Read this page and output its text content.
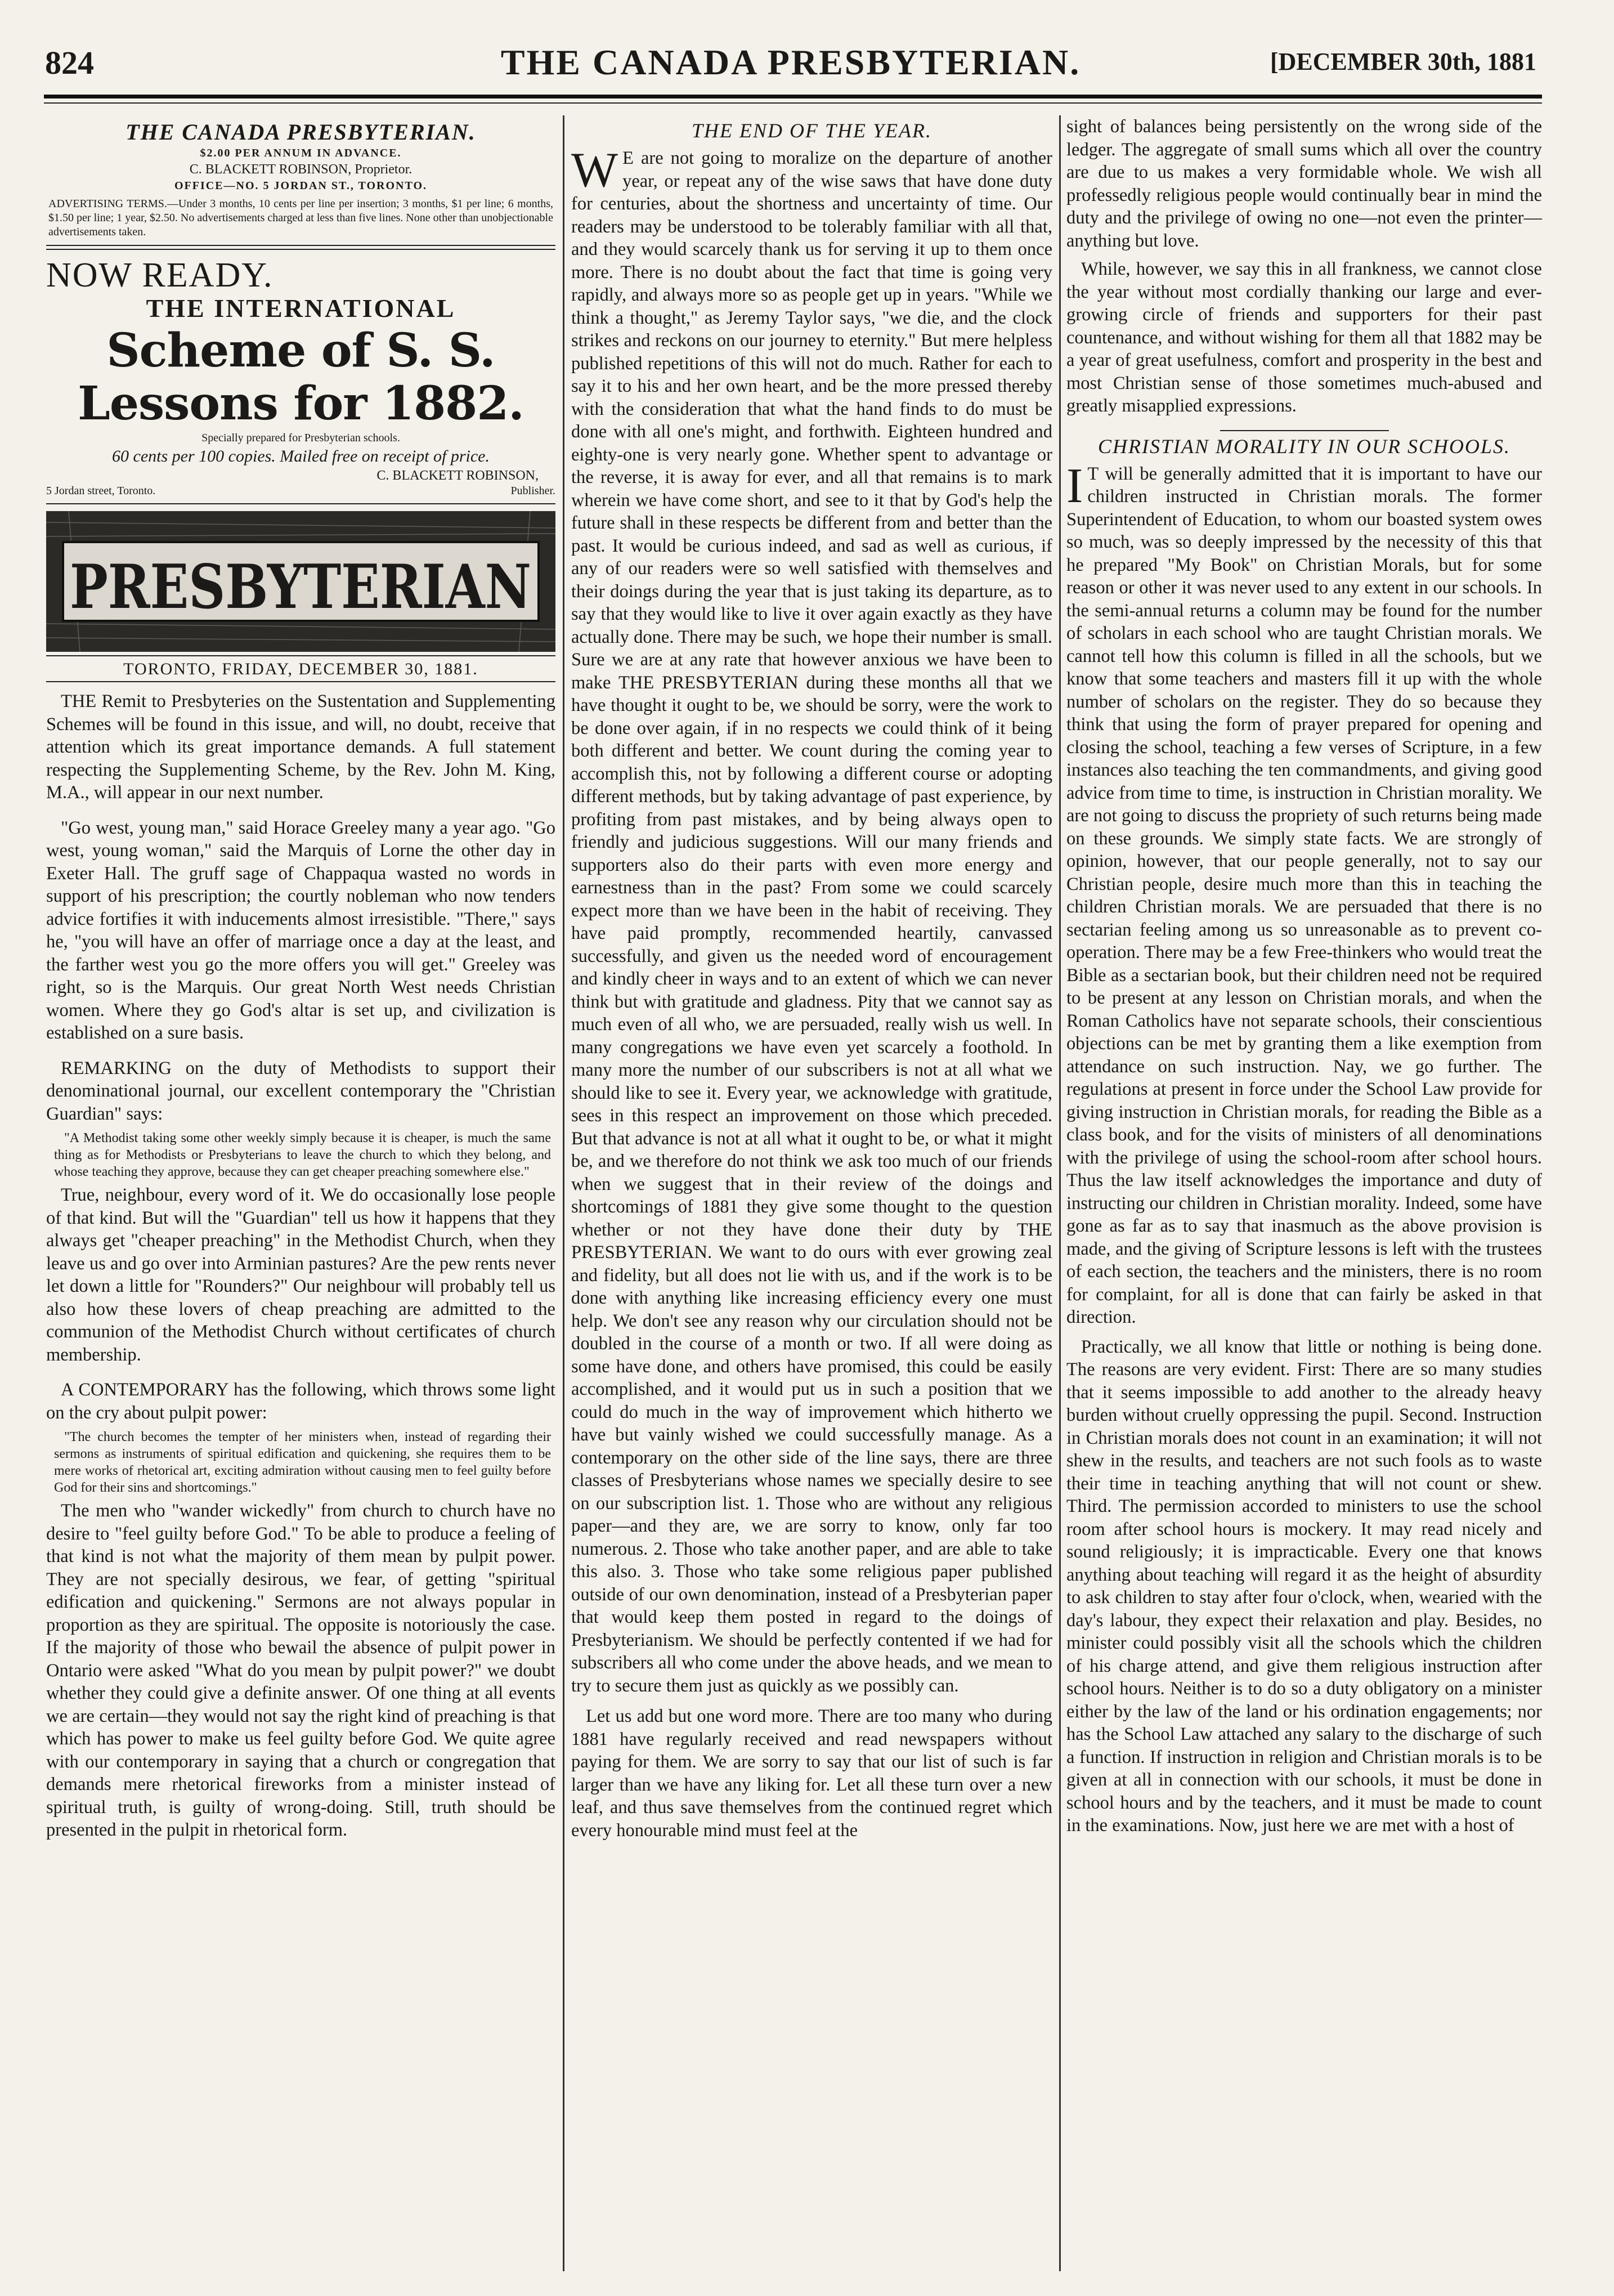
824	THE CANADA PRESBYTERIAN.	[DECEMBER 30th, 1881
THE CANADA PRESBYTERIAN.
$2.00 PER ANNUM IN ADVANCE.
C. BLACKETT ROBINSON, Proprietor.
OFFICE—NO. 5 JORDAN ST., TORONTO.
ADVERTISING TERMS.—Under 3 months, 10 cents per line per insertion; 3 months, $1 per line; 6 months, $1.50 per line; 1 year, $2.50. No advertisements charged at less than five lines. None other than unobjectionable advertisements taken.
NOW READY.
THE INTERNATIONAL
Scheme of S. S. Lessons for 1882.
Specially prepared for Presbyterian schools.
60 cents per 100 copies. Mailed free on receipt of price.
C. BLACKETT ROBINSON,
5 Jordan street, Toronto.	Publisher.
PRESBYTERIAN
TORONTO, FRIDAY, DECEMBER 30, 1881.

THE Remit to Presbyteries on the Sustentation and Supplementing Schemes will be found in this issue, and will, no doubt, receive that attention which its great importance demands. A full statement respecting the Supplementing Scheme, by the Rev. John M. King, M.A., will appear in our next number.

"Go west, young man," said Horace Greeley many a year ago. "Go west, young woman," said the Marquis of Lorne the other day in Exeter Hall. The gruff sage of Chappaqua wasted no words in support of his prescription; the courtly nobleman who now tenders advice fortifies it with inducements almost irresistible. "There," says he, "you will have an offer of marriage once a day at the least, and the farther west you go the more offers you will get." Greeley was right, so is the Marquis. Our great North West needs Christian women. Where they go God's altar is set up, and civilization is established on a sure basis.

REMARKING on the duty of Methodists to support their denominational journal, our excellent contemporary the "Christian Guardian" says:

"A Methodist taking some other weekly simply because it is cheaper, is much the same thing as for Methodists or Presbyterians to leave the church to which they belong, and whose teaching they approve, because they can get cheaper preaching somewhere else."

True, neighbour, every word of it. We do occasionally lose people of that kind. But will the "Guardian" tell us how it happens that they always get "cheaper preaching" in the Methodist Church, when they leave us and go over into Arminian pastures? Are the pew rents never let down a little for "Rounders?" Our neighbour will probably tell us also how these lovers of cheap preaching are admitted to the communion of the Methodist Church without certificates of church membership.

A CONTEMPORARY has the following, which throws some light on the cry about pulpit power:

"The church becomes the tempter of her ministers when, instead of regarding their sermons as instruments of spiritual edification and quickening, she requires them to be mere works of rhetorical art, exciting admiration without causing men to feel guilty before God for their sins and shortcomings."

The men who "wander wickedly" from church to church have no desire to "feel guilty before God." To be able to produce a feeling of that kind is not what the majority of them mean by pulpit power. They are not specially desirous, we fear, of getting "spiritual edification and quickening." Sermons are not always popular in proportion as they are spiritual. The opposite is notoriously the case. If the majority of those who bewail the absence of pulpit power in Ontario were asked "What do you mean by pulpit power?" we doubt whether they could give a definite answer. Of one thing at all events we are certain—they would not say the right kind of preaching is that which has power to make us feel guilty before God. We quite agree with our contemporary in saying that a church or congregation that demands mere rhetorical fireworks from a minister instead of spiritual truth, is guilty of wrong-doing. Still, truth should be presented in the pulpit in rhetorical form.

THE END OF THE YEAR.

W E are not going to moralize on the departure of another year, or repeat any of the wise saws that have done duty for centuries, about the shortness and uncertainty of time. Our readers may be understood to be tolerably familiar with all that, and they would scarcely thank us for serving it up to them once more. There is no doubt about the fact that time is going very rapidly, and always more so as people get up in years. "While we think a thought," as Jeremy Taylor says, "we die, and the clock strikes and reckons on our journey to eternity." But mere helpless published repetitions of this will not do much. Rather for each to say it to his and her own heart, and be the more pressed thereby with the consideration that what the hand finds to do must be done with all one's might, and forthwith. Eighteen hundred and eighty-one is very nearly gone. Whether spent to advantage or the reverse, it is away for ever, and all that remains is to mark wherein we have come short, and see to it that by God's help the future shall in these respects be different from and better than the past. It would be curious indeed, and sad as well as curious, if any of our readers were so well satisfied with themselves and their doings during the year that is just taking its departure, as to say that they would like to live it over again exactly as they have actually done. There may be such, we hope their number is small. Sure we are at any rate that however anxious we have been to make THE PRESBYTERIAN during these months all that we have thought it ought to be, we should be sorry, were the work to be done over again, if in no respects we could think of it being both different and better. We count during the coming year to accomplish this, not by following a different course or adopting different methods, but by taking advantage of past experience, by profiting from past mistakes, and by being always open to friendly and judicious suggestions. Will our many friends and supporters also do their parts with even more energy and earnestness than in the past? From some we could scarcely expect more than we have been in the habit of receiving. They have paid promptly, recommended heartily, canvassed successfully, and given us the needed word of encouragement and kindly cheer in ways and to an extent of which we can never think but with gratitude and gladness. Pity that we cannot say as much even of all who, we are persuaded, really wish us well. In many congregations we have even yet scarcely a foothold. In many more the number of our subscribers is not at all what we should like to see it. Every year, we acknowledge with gratitude, sees in this respect an improvement on those which preceded. But that advance is not at all what it ought to be, or what it might be, and we therefore do not think we ask too much of our friends when we suggest that in their review of the doings and shortcomings of 1881 they give some thought to the question whether or not they have done their duty by THE PRESBYTERIAN. We want to do ours with ever growing zeal and fidelity, but all does not lie with us, and if the work is to be done with anything like increasing efficiency every one must help. We don't see any reason why our circulation should not be doubled in the course of a month or two. If all were doing as some have done, and others have promised, this could be easily accomplished, and it would put us in such a position that we could do much in the way of improvement which hitherto we have but vainly wished we could successfully manage. As a contemporary on the other side of the line says, there are three classes of Presbyterians whose names we specially desire to see on our subscription list. 1. Those who are without any religious paper—and they are, we are sorry to know, only far too numerous. 2. Those who take another paper, and are able to take this also. 3. Those who take some religious paper published outside of our own denomination, instead of a Presbyterian paper that would keep them posted in regard to the doings of Presbyterianism. We should be perfectly contented if we had for subscribers all who come under the above heads, and we mean to try to secure them just as quickly as we possibly can.

Let us add but one word more. There are too many who during 1881 have regularly received and read newspapers without paying for them. We are sorry to say that our list of such is far larger than we have any liking for. Let all these turn over a new leaf, and thus save themselves from the continued regret which every honourable mind must feel at the

sight of balances being persistently on the wrong side of the ledger. The aggregate of small sums which all over the country are due to us makes a very formidable whole. We wish all professedly religious people would continually bear in mind the duty and the privilege of owing no one—not even the printer—anything but love.

While, however, we say this in all frankness, we cannot close the year without most cordially thanking our large and ever-growing circle of friends and supporters for their past countenance, and without wishing for them all that 1882 may be a year of great usefulness, comfort and prosperity in the best and most Christian sense of those sometimes much-abused and greatly misapplied expressions.

CHRISTIAN MORALITY IN OUR SCHOOLS.

I T will be generally admitted that it is important to have our children instructed in Christian morals. The former Superintendent of Education, to whom our boasted system owes so much, was so deeply impressed by the necessity of this that he prepared "My Book" on Christian Morals, but for some reason or other it was never used to any extent in our schools. In the semi-annual returns a column may be found for the number of scholars in each school who are taught Christian morals. We cannot tell how this column is filled in all the schools, but we know that some teachers and masters fill it up with the whole number of scholars on the register. They do so because they think that using the form of prayer prepared for opening and closing the school, teaching a few verses of Scripture, in a few instances also teaching the ten commandments, and giving good advice from time to time, is instruction in Christian morality. We are not going to discuss the propriety of such returns being made on these grounds. We simply state facts. We are strongly of opinion, however, that our people generally, not to say our Christian people, desire much more than this in teaching the children Christian morals. We are persuaded that there is no sectarian feeling among us so unreasonable as to prevent co-operation. There may be a few Free-thinkers who would treat the Bible as a sectarian book, but their children need not be required to be present at any lesson on Christian morals, and when the Roman Catholics have not separate schools, their conscientious objections can be met by granting them a like exemption from attendance on such instruction. Nay, we go further. The regulations at present in force under the School Law provide for giving instruction in Christian morals, for reading the Bible as a class book, and for the visits of ministers of all denominations with the privilege of using the school-room after school hours. Thus the law itself acknowledges the importance and duty of instructing our children in Christian morality. Indeed, some have gone as far as to say that inasmuch as the above provision is made, and the giving of Scripture lessons is left with the trustees of each section, the teachers and the ministers, there is no room for complaint, for all is done that can fairly be asked in that direction.

Practically, we all know that little or nothing is being done. The reasons are very evident. First: There are so many studies that it seems impossible to add another to the already heavy burden without cruelly oppressing the pupil. Second. Instruction in Christian morals does not count in an examination; it will not shew in the results, and teachers are not such fools as to waste their time in teaching anything that will not count or shew. Third. The permission accorded to ministers to use the school room after school hours is mockery. It may read nicely and sound religiously; it is impracticable. Every one that knows anything about teaching will regard it as the height of absurdity to ask children to stay after four o'clock, when, wearied with the day's labour, they expect their relaxation and play. Besides, no minister could possibly visit all the schools which the children of his charge attend, and give them religious instruction after school hours. Neither is to do so a duty obligatory on a minister either by the law of the land or his ordination engagements; nor has the School Law attached any salary to the discharge of such a function. If instruction in religion and Christian morals is to be given at all in connection with our schools, it must be done in school hours and by the teachers, and it must be made to count in the examinations. Now, just here we are met with a host of
